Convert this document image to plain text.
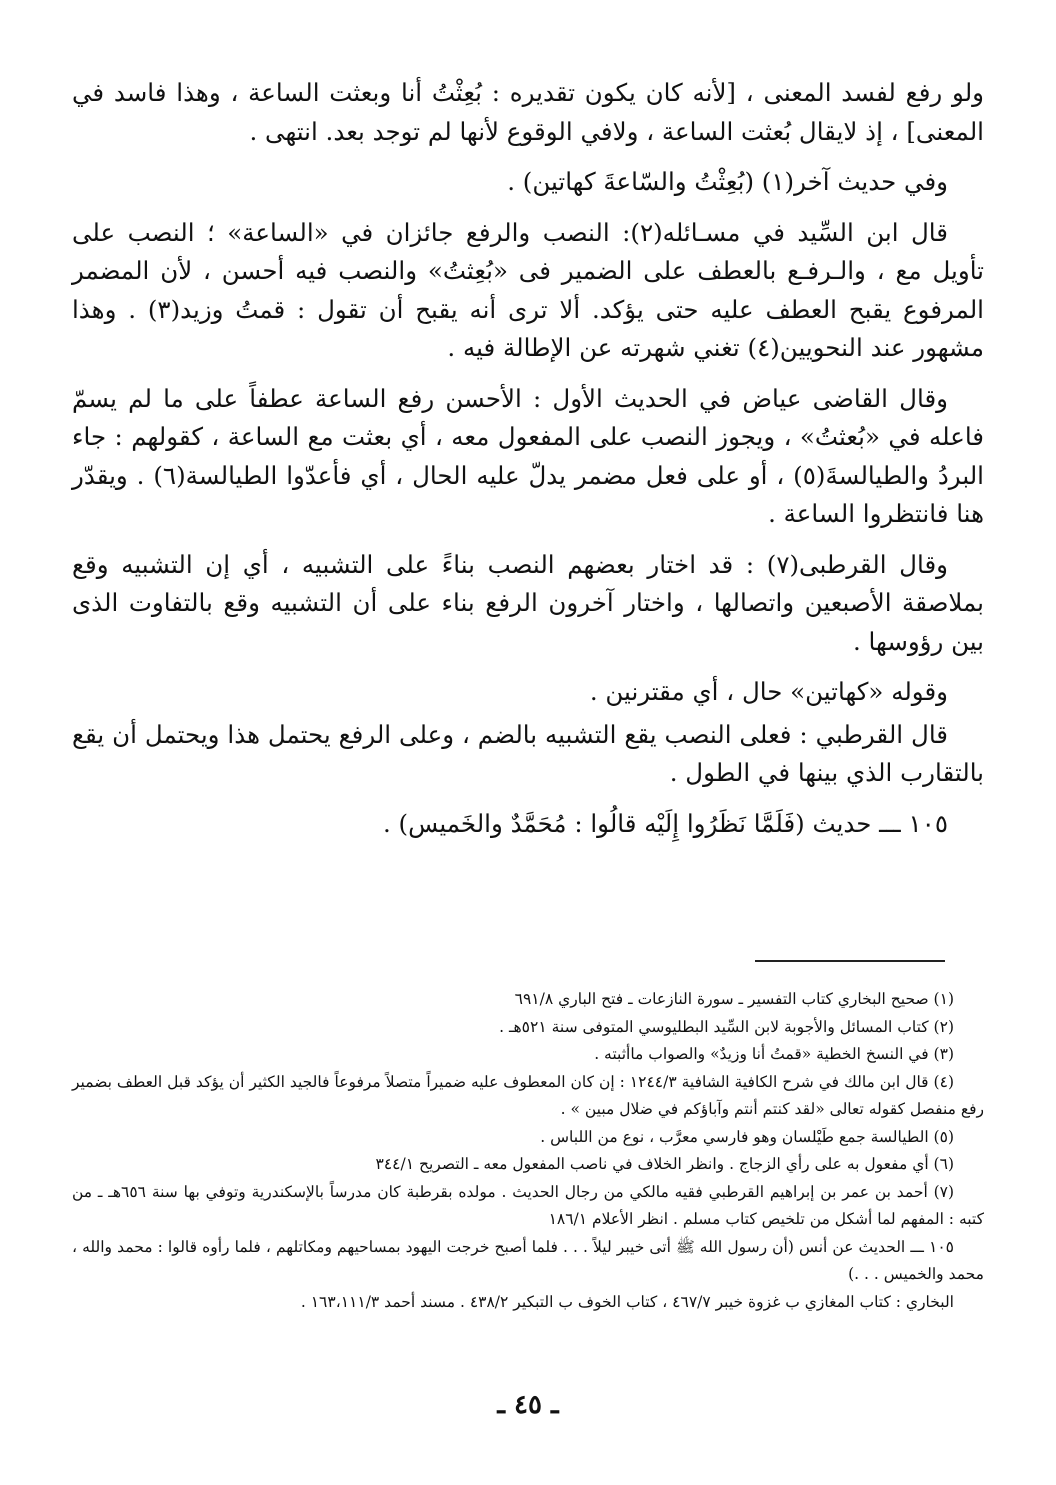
ولو رفع لفسد المعنى ، [لأنه كان يكون تقديره : بُعِثْتُ أنا وبعثت الساعة ، وهذا فاسد في المعنى] ، إذ لايقال بُعثت الساعة ، ولافي الوقوع لأنها لم توجد بعد. انتهى .

وفي حديث آخر(١) (بُعِثْتُ والسّاعةَ كهاتين) .

قال ابن السِّيد في مسـائله(٢): النصب والرفع جائزان في «الساعة» ؛ النصب على تأويل مع ، والـرفـع بالعطف على الضمير فى «بُعِثتُ» والنصب فيه أحسن ، لأن المضمر المرفوع يقبح العطف عليه حتى يؤكد. ألا ترى أنه يقبح أن تقول : قمتُ وزيد(٣) . وهذا مشهور عند النحويين(٤) تغني شهرته عن الإطالة فيه .

وقال القاضى عياض في الحديث الأول : الأحسن رفع الساعة عطفاً على ما لم يسمّ فاعله في «بُعثتُ» ، ويجوز النصب على المفعول معه ، أي بعثت مع الساعة ، كقولهم : جاء البردُ والطيالسةَ(٥) ، أو على فعل مضمر يدلّ عليه الحال ، أي فأعدّوا الطيالسة(٦) . ويقدّر هنا فانتظروا الساعة .

وقال القرطبى(٧) : قد اختار بعضهم النصب بناءً على التشبيه ، أي إن التشبيه وقع بملاصقة الأصبعين واتصالها ، واختار آخرون الرفع بناء على أن التشبيه وقع بالتفاوت الذى بين رؤوسها .

وقوله «كهاتين» حال ، أي مقترنين .

قال القرطبي : فعلى النصب يقع التشبيه بالضم ، وعلى الرفع يحتمل هذا ويحتمل أن يقع بالتقارب الذي بينها في الطول .

١٠٥ ـــ حديث (فَلَمَّا نَظَرُوا إِلَيْه قالُوا : مُحَمَّدٌ والخَميس) .

(١) صحيح البخاري كتاب التفسير ـ سورة النازعات ـ فتح الباري ٦٩١/٨

(٢) كتاب المسائل والأجوبة لابن السِّيد البطليوسي المتوفى سنة ٥٢١هـ .

(٣) في النسخ الخطية «قمتُ أنا وزيدٌ» والصواب ماأثبته .

(٤) قال ابن مالك في شرح الكافية الشافية ١٢٤٤/٣ : إن كان المعطوف عليه ضميراً متصلاً مرفوعاً فالجيد الكثير أن يؤكد قبل العطف بضمير رفع منفصل كقوله تعالى «لقد كنتم أنتم وآباؤكم في ضلال مبين » .

(٥) الطيالسة جمع طَيْلسان وهو فارسي معرَّب ، نوع من اللباس .

(٦) أي مفعول به على رأي الزجاج . وانظر الخلاف في ناصب المفعول معه ـ التصريح ٣٤٤/١

(٧) أحمد بن عمر بن إبراهيم القرطبي فقيه مالكي من رجال الحديث . مولده بقرطبة كان مدرساً بالإسكندرية وتوفي بها سنة ٦٥٦هـ ـ من كتبه : المفهم لما أشكل من تلخيص كتاب مسلم . انظر الأعلام ١٨٦/١

١٠٥ ـــ الحديث عن أنس (أن رسول الله ﷺ أتى خيبر ليلاً . . . فلما أصبح خرجت اليهود بمساحيهم ومكاتلهم ، فلما رأوه قالوا : محمد والله ، محمد والخميس . . .)

البخاري : كتاب المغازي ب غزوة خيبر ٤٦٧/٧ ، كتاب الخوف ب التبكير ٤٣٨/٢ . مسند أحمد ١٦٣،١١١/٣ .

ـ ٤٥ ـ
